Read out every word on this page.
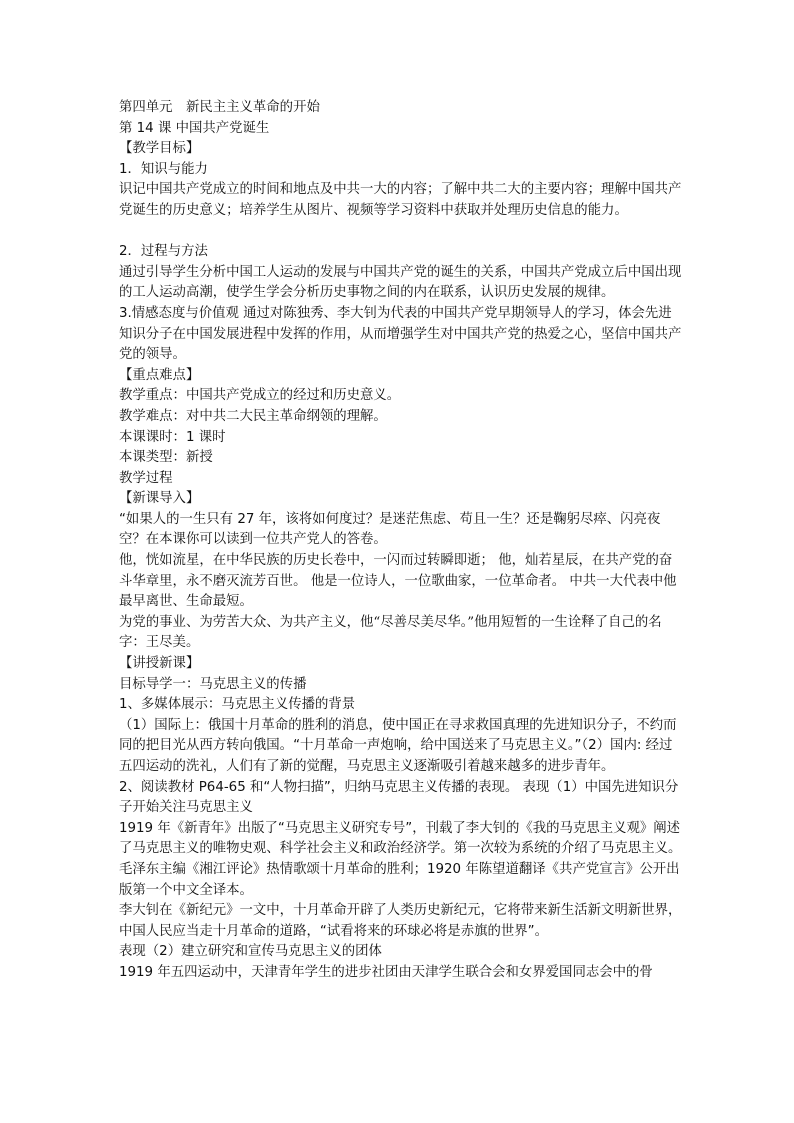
第四单元　新民主主义革命的开始
第 14 课 中国共产党诞生
【教学目标】
1．知识与能力
识记中国共产党成立的时间和地点及中共一大的内容；了解中共二大的主要内容；理解中国共产党诞生的历史意义；培养学生从图片、视频等学习资料中获取并处理历史信息的能力。
2．过程与方法
通过引导学生分析中国工人运动的发展与中国共产党的诞生的关系，中国共产党成立后中国出现的工人运动高潮，使学生学会分析历史事物之间的内在联系，认识历史发展的规律。
3.情感态度与价值观 通过对陈独秀、李大钊为代表的中国共产党早期领导人的学习，体会先进知识分子在中国发展进程中发挥的作用，从而增强学生对中国共产党的热爱之心，坚信中国共产党的领导。
【重点难点】
教学重点：中国共产党成立的经过和历史意义。
教学难点：对中共二大民主革命纲领的理解。
本课课时：1 课时
本课类型：新授
教学过程
【新课导入】
“如果人的一生只有 27 年，该将如何度过？是迷茫焦虑、苟且一生？还是鞠躬尽瘁、闪亮夜空？在本课你可以读到一位共产党人的答卷。
他，恍如流星，在中华民族的历史长卷中，一闪而过转瞬即逝； 他，灿若星辰，在共产党的奋斗华章里，永不磨灭流芳百世。 他是一位诗人，一位歌曲家，一位革命者。 中共一大代表中他最早离世、生命最短。
为党的事业、为劳苦大众、为共产主义，他“尽善尽美尽华。”他用短暂的一生诠释了自己的名字：王尽美。
【讲授新课】
目标导学一：马克思主义的传播
1、多媒体展示：马克思主义传播的背景
（1）国际上：俄国十月革命的胜利的消息，使中国正在寻求救国真理的先进知识分子，不约而同的把目光从西方转向俄国。“十月革命一声炮响，给中国送来了马克思主义。”（2）国内: 经过五四运动的洗礼，人们有了新的觉醒，马克思主义逐渐吸引着越来越多的进步青年。
2、阅读教材 P64-65 和“人物扫描”，归纳马克思主义传播的表现。 表现（1）中国先进知识分子开始关注马克思主义
1919 年《新青年》出版了“马克思主义研究专号”，刊载了李大钊的《我的马克思主义观》阐述了马克思主义的唯物史观、科学社会主义和政治经济学。第一次较为系统的介绍了马克思主义。毛泽东主编《湘江评论》热情歌颂十月革命的胜利；1920 年陈望道翻译《共产党宣言》公开出版第一个中文全译本。
李大钊在《新纪元》一文中，十月革命开辟了人类历史新纪元，它将带来新生活新文明新世界，中国人民应当走十月革命的道路，“试看将来的环球必将是赤旗的世界”。
表现（2）建立研究和宣传马克思主义的团体
1919 年五四运动中，天津青年学生的进步社团由天津学生联合会和女界爱国同志会中的骨
